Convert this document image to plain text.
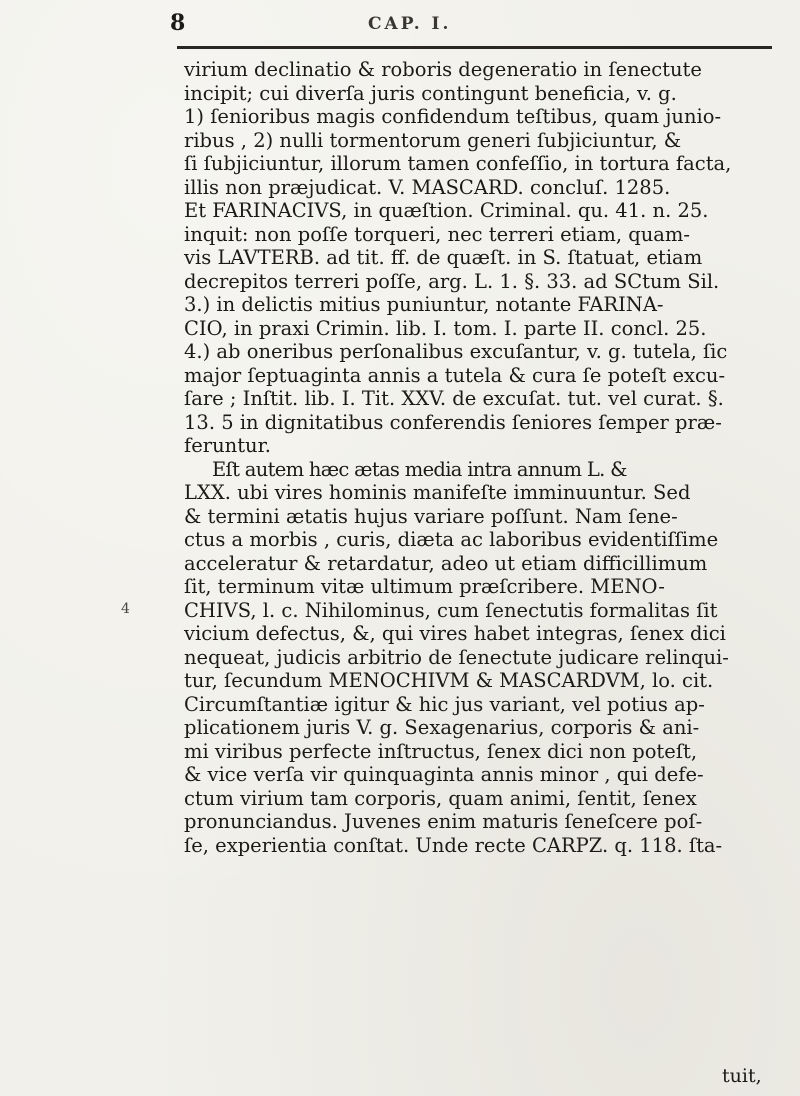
8	CAP. I.
virium declinatio & roboris degeneratio in ſenectute
incipit; cui diverſa juris contingunt beneficia, v. g.
1) ſenioribus magis confidendum teſtibus, quam junio-
ribus , 2) nulli tormentorum generi ſubjiciuntur, &
ſi ſubjiciuntur, illorum tamen confeſſio, in tortura facta,
illis non præjudicat. V. MASCARD. concluſ. 1285.
Et FARINACIVS, in quæſtion. Criminal. qu. 41. n. 25.
inquit: non poſſe torqueri, nec terreri etiam, quam-
vis LAVTERB. ad tit. ff. de quæſt. in S. ſtatuat, etiam
decrepitos terreri poſſe, arg. L. 1. §. 33. ad SCtum Sil.
3.) in delictis mitius puniuntur, notante FARINA-
CIO, in praxi Crimin. lib. I. tom. I. parte II. concl. 25.
4.) ab oneribus perſonalibus excuſantur, v. g. tutela, ſic
major ſeptuaginta annis a tutela & cura ſe poteſt excu-
ſare ; Inſtit. lib. I. Tit. XXV. de excuſat. tut. vel curat. §.
13. 5 in dignitatibus conferendis ſeniores ſemper præ-
feruntur.
Eſt autem hæc ætas media intra annum L. &
LXX. ubi vires hominis manifeſte imminuuntur. Sed
& termini ætatis hujus variare poſſunt. Nam ſene-
ctus a morbis , curis, diæta ac laboribus evidentiſſime
acceleratur & retardatur, adeo ut etiam difficillimum
ſit, terminum vitæ ultimum præſcribere. MENO-
CHIVS, l. c. Nihilominus, cum ſenectutis formalitas ſit
vicium defectus, &, qui vires habet integras, ſenex dici
nequeat, judicis arbitrio de ſenectute judicare relinqui-
tur, ſecundum MENOCHIVM & MASCARDVM, lo. cit.
Circumſtantiæ igitur & hic jus variant, vel potius ap-
plicationem juris V. g. Sexagenarius, corporis & ani-
mi viribus perfecte inſtructus, ſenex dici non poteſt,
& vice verſa vir quinquaginta annis minor , qui defe-
ctum virium tam corporis, quam animi, ſentit, ſenex
pronunciandus. Juvenes enim maturis ſeneſcere poſ-
ſe, experientia conſtat. Unde recte CARPZ. q. 118. ſta-
4
tuit,
